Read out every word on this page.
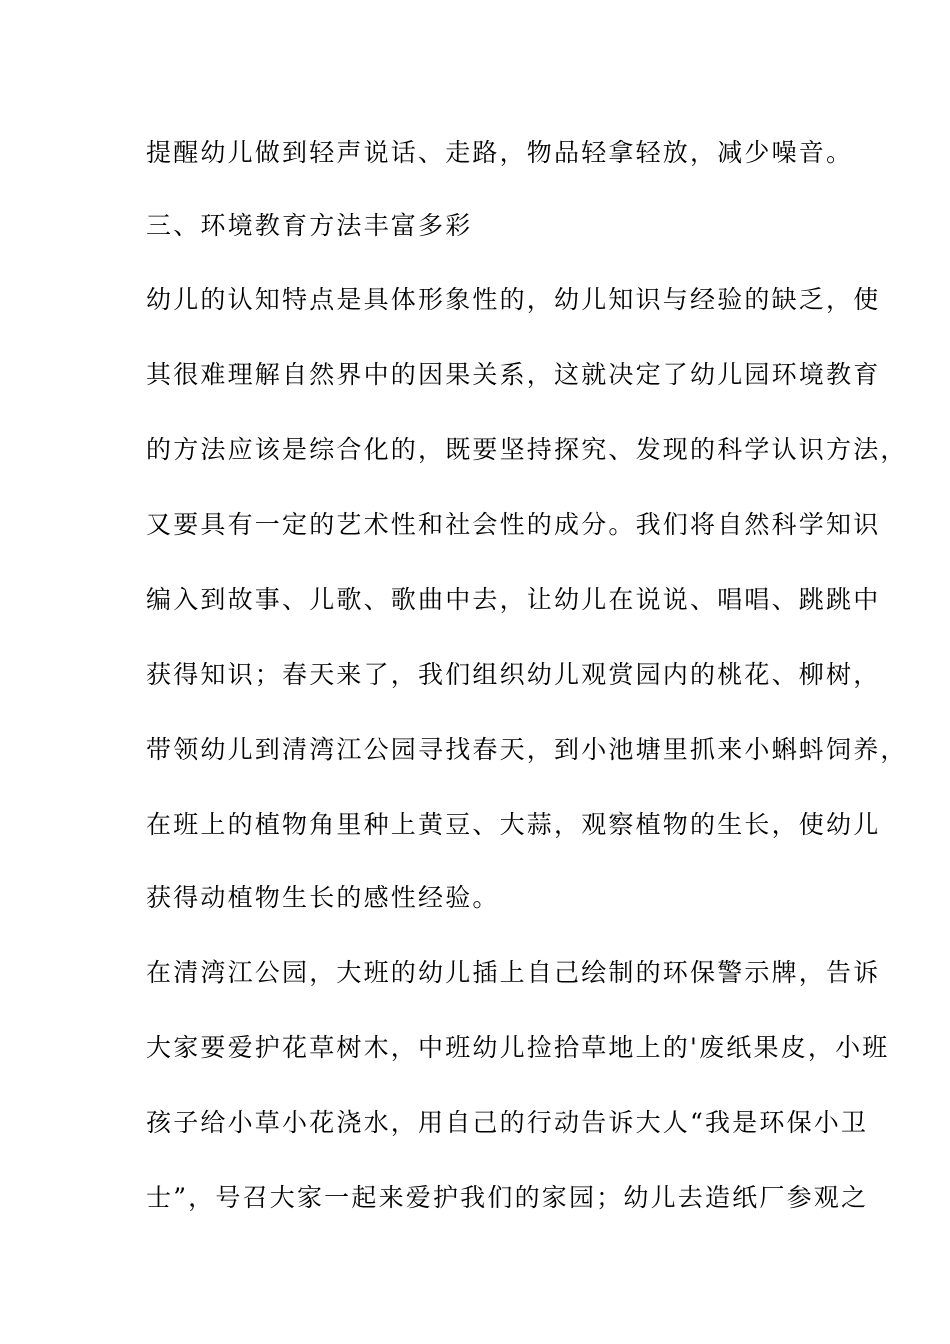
提醒幼儿做到轻声说话、走路，物品轻拿轻放，减少噪音。
三、环境教育方法丰富多彩
幼儿的认知特点是具体形象性的，幼儿知识与经验的缺乏，使
其很难理解自然界中的因果关系，这就决定了幼儿园环境教育
的方法应该是综合化的，既要坚持探究、发现的科学认识方法，
又要具有一定的艺术性和社会性的成分。我们将自然科学知识
编入到故事、儿歌、歌曲中去，让幼儿在说说、唱唱、跳跳中
获得知识；春天来了，我们组织幼儿观赏园内的桃花、柳树，
带领幼儿到清湾江公园寻找春天，到小池塘里抓来小蝌蚪饲养，
在班上的植物角里种上黄豆、大蒜，观察植物的生长，使幼儿
获得动植物生长的感性经验。
在清湾江公园，大班的幼儿插上自己绘制的环保警示牌，告诉
大家要爱护花草树木，中班幼儿捡拾草地上的'废纸果皮，小班
孩子给小草小花浇水，用自己的行动告诉大人“我是环保小卫
士”，号召大家一起来爱护我们的家园；幼儿去造纸厂参观之
